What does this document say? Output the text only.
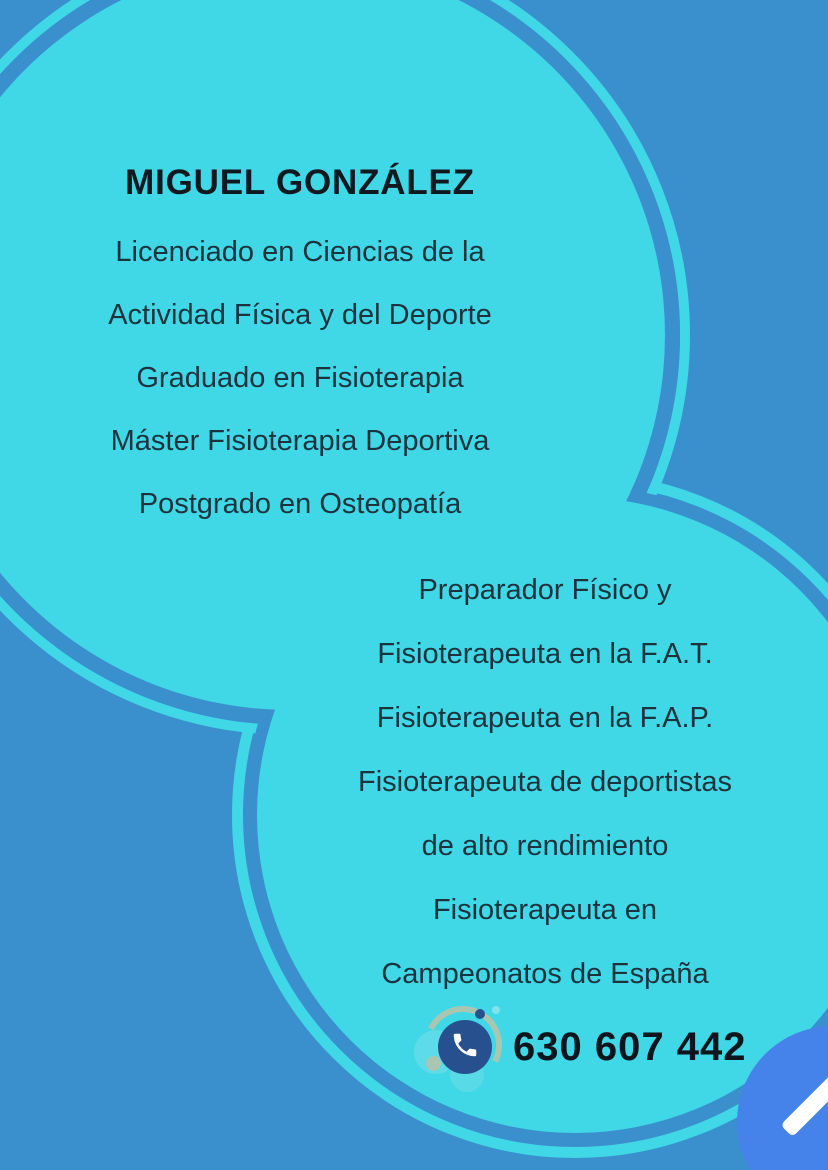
MIGUEL GONZÁLEZ
Licenciado en Ciencias de la
Actividad Física y del Deporte
Graduado en Fisioterapia
Máster Fisioterapia Deportiva
Postgrado en Osteopatía
Preparador Físico y
Fisioterapeuta en la F.A.T.
Fisioterapeuta en la F.A.P.
Fisioterapeuta de deportistas
de alto rendimiento
Fisioterapeuta en
Campeonatos de España
630 607 442
